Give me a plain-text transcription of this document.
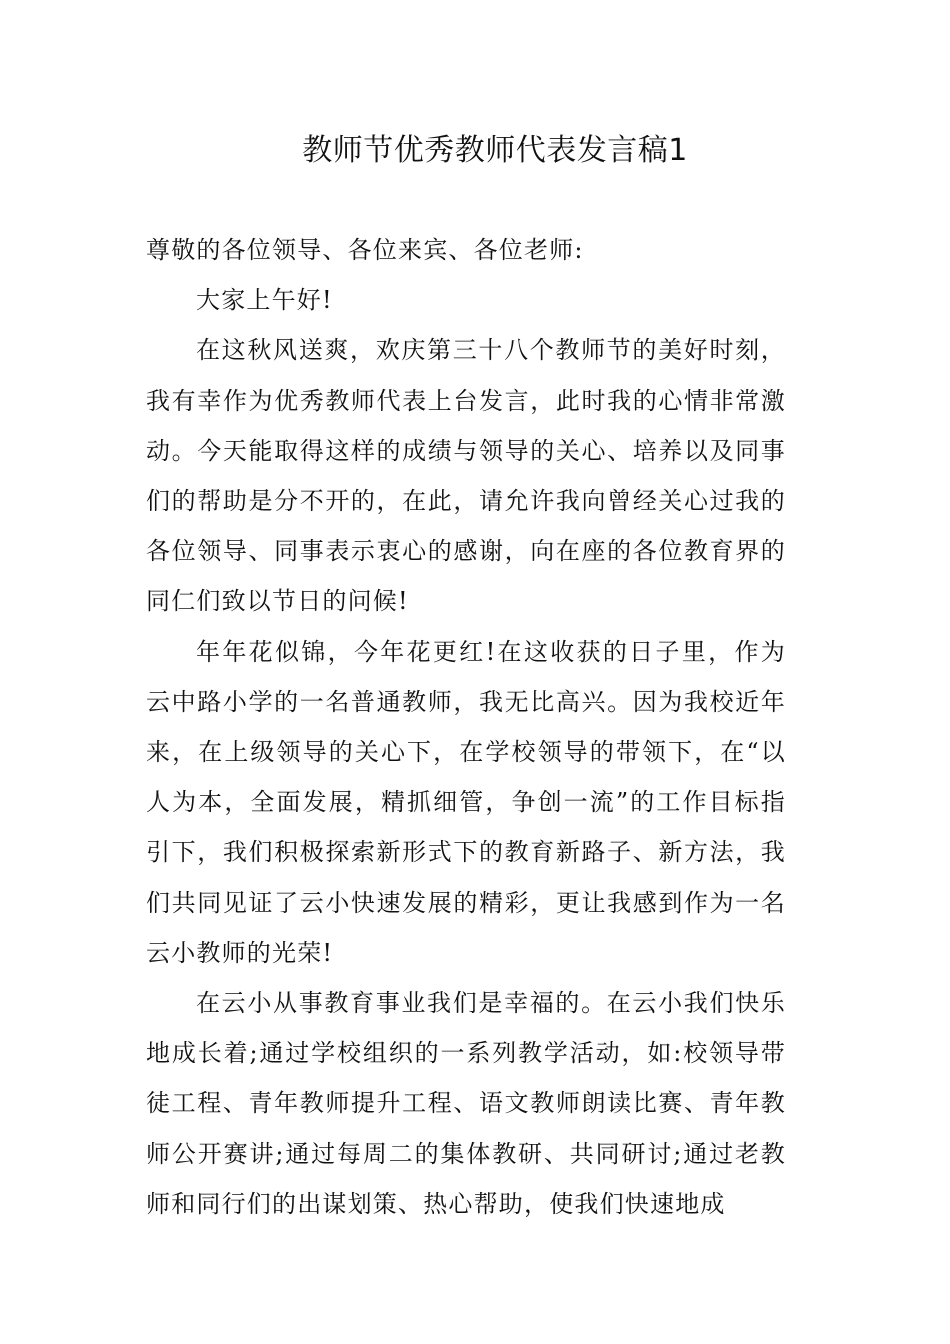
教师节优秀教师代表发言稿1

尊敬的各位领导、各位来宾、各位老师:

大家上午好!

在这秋风送爽，欢庆第三十八个教师节的美好时刻，我有幸作为优秀教师代表上台发言，此时我的心情非常激动。今天能取得这样的成绩与领导的关心、培养以及同事们的帮助是分不开的，在此，请允许我向曾经关心过我的各位领导、同事表示衷心的感谢，向在座的各位教育界的同仁们致以节日的问候!

年年花似锦，今年花更红!在这收获的日子里，作为云中路小学的一名普通教师，我无比高兴。因为我校近年来，在上级领导的关心下，在学校领导的带领下，在“以人为本，全面发展，精抓细管，争创一流”的工作目标指引下，我们积极探索新形式下的教育新路子、新方法，我们共同见证了云小快速发展的精彩，更让我感到作为一名云小教师的光荣!

在云小从事教育事业我们是幸福的。在云小我们快乐地成长着;通过学校组织的一系列教学活动，如:校领导带徒工程、青年教师提升工程、语文教师朗读比赛、青年教师公开赛讲;通过每周二的集体教研、共同研讨;通过老教师和同行们的出谋划策、热心帮助，使我们快速地成
